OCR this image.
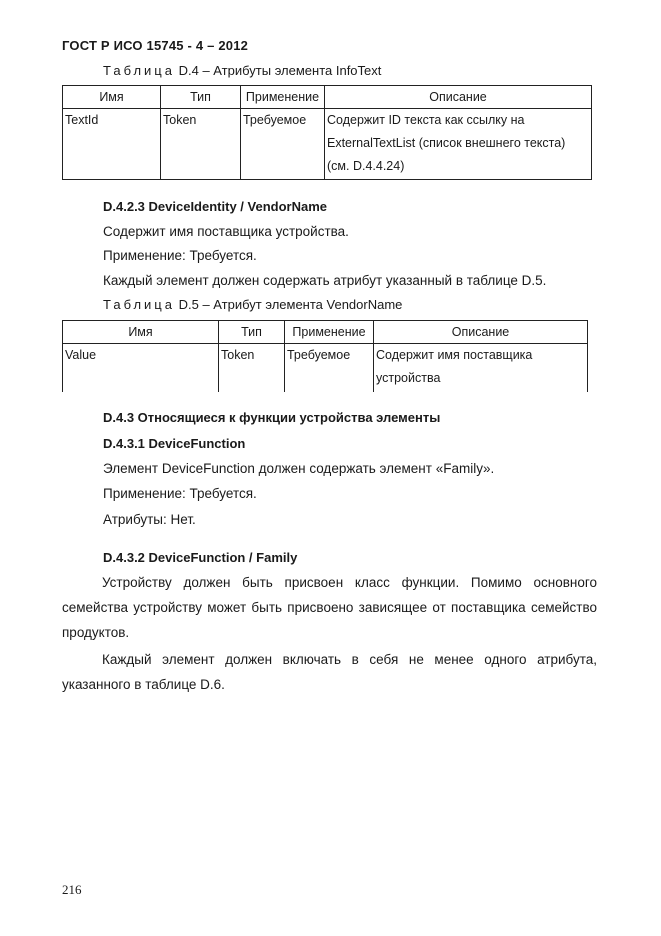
ГОСТ Р ИСО 15745 - 4 – 2012
Таблица D.4 – Атрибуты элемента InfoText
Имя	Тип	Применение	Описание
TextId	Token	Требуемое	Содержит ID текста как ссылку на
ExternalTextList (список внешнего текста)
(см. D.4.4.24)
D.4.2.3 DeviceIdentity / VendorName
Содержит имя поставщика устройства.
Применение: Требуется.
Каждый элемент должен содержать атрибут указанный в таблице D.5.
Таблица D.5 – Атрибут элемента VendorName
Имя	Тип	Применение	Описание
Value	Token	Требуемое	Содержит имя поставщика
устройства
D.4.3 Относящиеся к функции устройства элементы
D.4.3.1 DeviceFunction
Элемент DeviceFunction должен содержать элемент «Family».
Применение: Требуется.
Атрибуты: Нет.
D.4.3.2 DeviceFunction / Family
Устройству должен быть присвоен класс функции. Помимо основного семейства устройству может быть присвоено зависящее от поставщика семейство продуктов.
Каждый элемент должен включать в себя не менее одного атрибута, указанного в таблице D.6.
216
